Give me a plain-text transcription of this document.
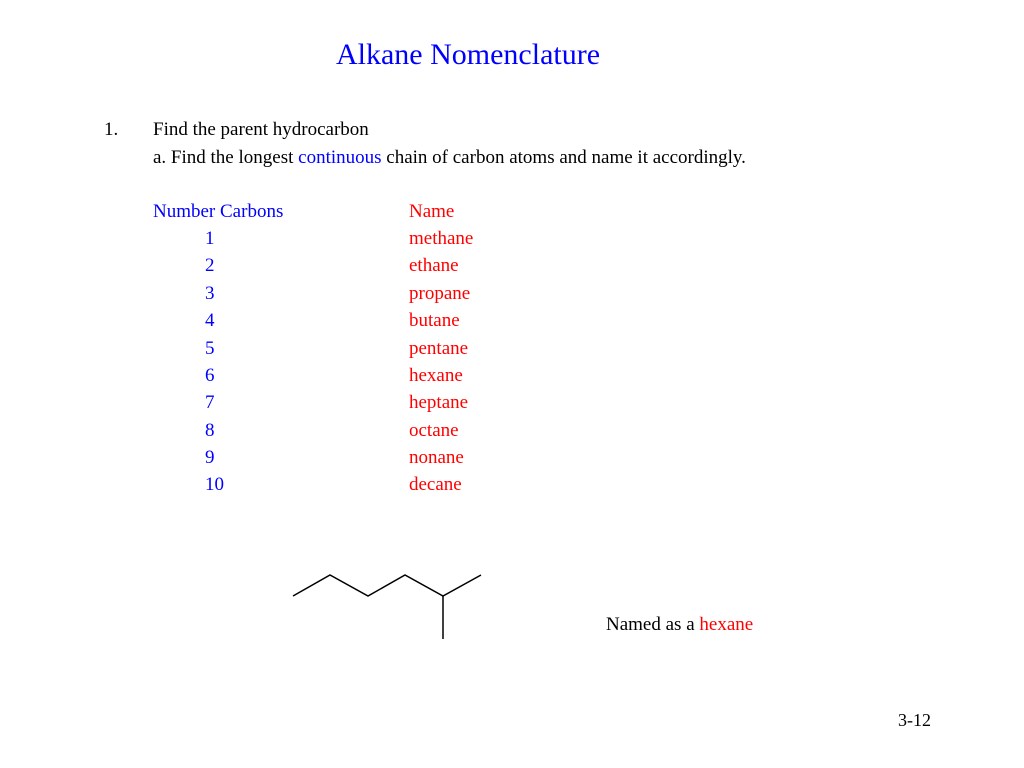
Alkane Nomenclature
1. Find the parent hydrocarbon
a. Find the longest continuous chain of carbon atoms and name it accordingly.
Number Carbons	Name
1	methane
2	ethane
3	propane
4	butane
5	pentane
6	hexane
7	heptane
8	octane
9	nonane
10	decane
Named as a hexane
3-12
